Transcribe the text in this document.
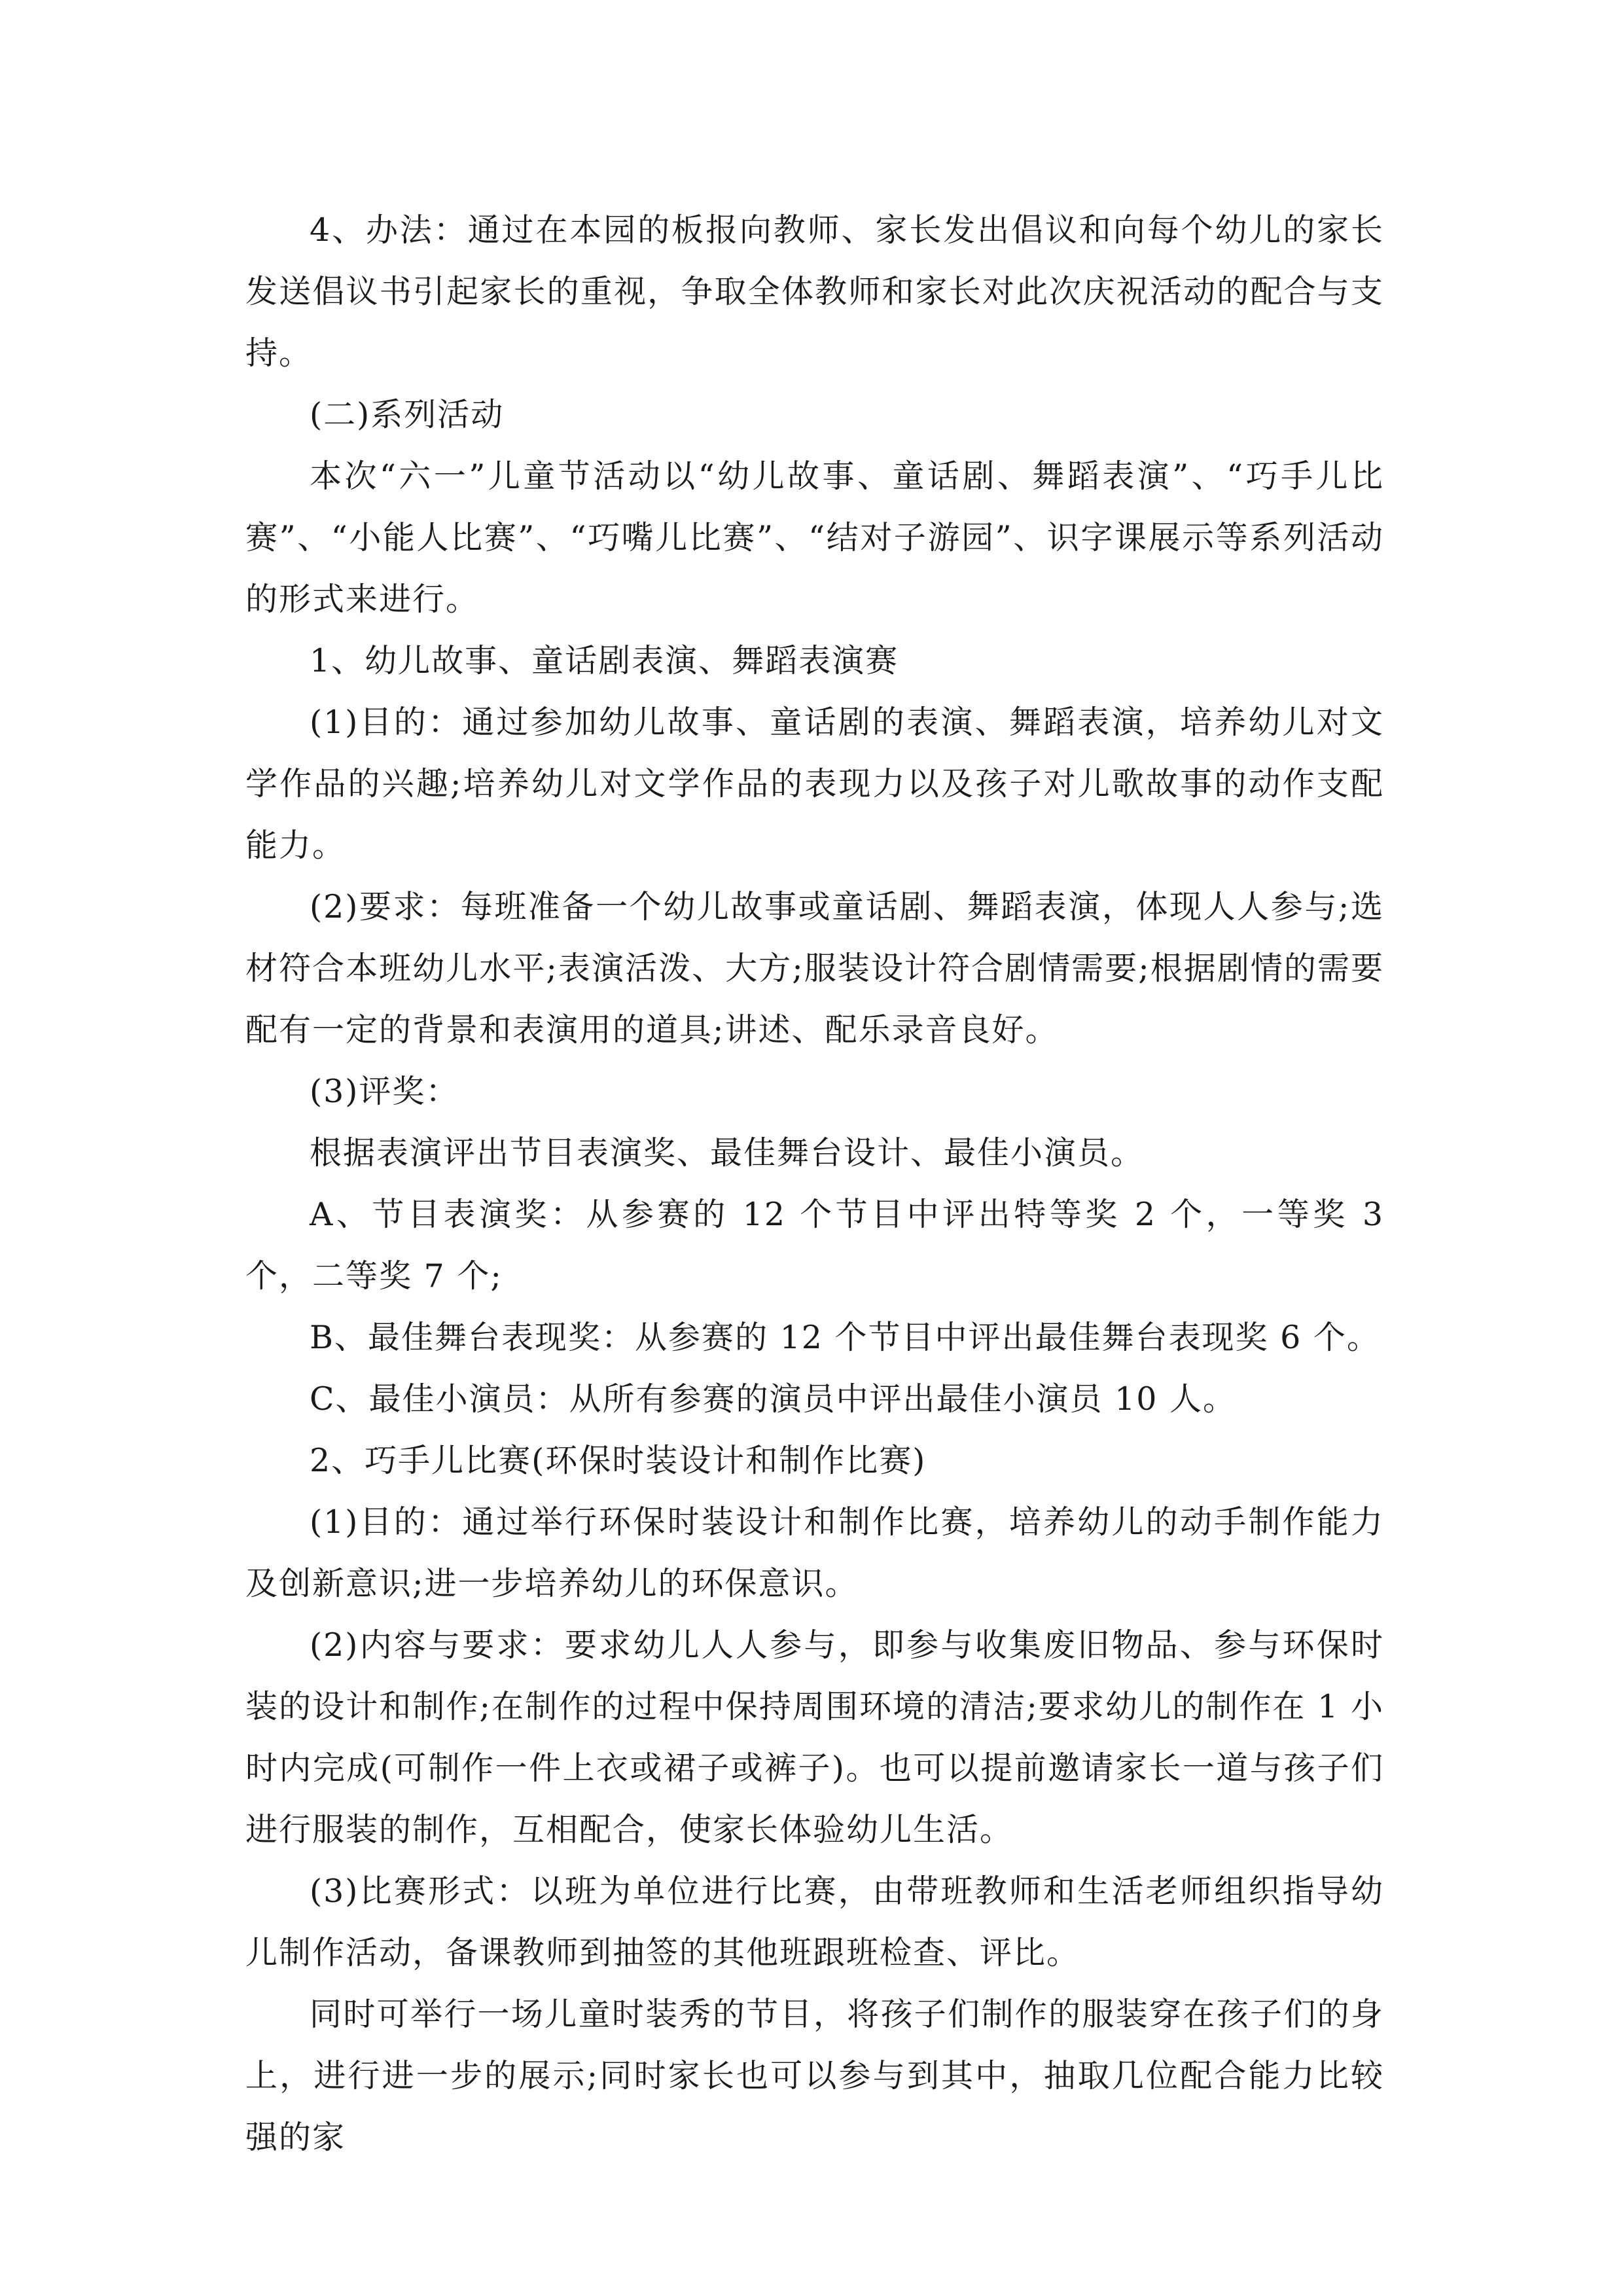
4、办法：通过在本园的板报向教师、家长发出倡议和向每个幼儿的家长发送倡议书引起家长的重视，争取全体教师和家长对此次庆祝活动的配合与支持。

(二)系列活动

本次“六一”儿童节活动以“幼儿故事、童话剧、舞蹈表演”、“巧手儿比赛”、“小能人比赛”、“巧嘴儿比赛”、“结对子游园”、识字课展示等系列活动的形式来进行。

1、幼儿故事、童话剧表演、舞蹈表演赛

(1)目的：通过参加幼儿故事、童话剧的表演、舞蹈表演，培养幼儿对文学作品的兴趣;培养幼儿对文学作品的表现力以及孩子对儿歌故事的动作支配能力。

(2)要求：每班准备一个幼儿故事或童话剧、舞蹈表演，体现人人参与;选材符合本班幼儿水平;表演活泼、大方;服装设计符合剧情需要;根据剧情的需要配有一定的背景和表演用的道具;讲述、配乐录音良好。

(3)评奖：

根据表演评出节目表演奖、最佳舞台设计、最佳小演员。

A、节目表演奖：从参赛的 12 个节目中评出特等奖 2 个，一等奖 3 个，二等奖 7 个;

B、最佳舞台表现奖：从参赛的 12 个节目中评出最佳舞台表现奖 6 个。

C、最佳小演员：从所有参赛的演员中评出最佳小演员 10 人。

2、巧手儿比赛(环保时装设计和制作比赛)

(1)目的：通过举行环保时装设计和制作比赛，培养幼儿的动手制作能力及创新意识;进一步培养幼儿的环保意识。

(2)内容与要求：要求幼儿人人参与，即参与收集废旧物品、参与环保时装的设计和制作;在制作的过程中保持周围环境的清洁;要求幼儿的制作在 1 小时内完成(可制作一件上衣或裙子或裤子)。也可以提前邀请家长一道与孩子们进行服装的制作，互相配合，使家长体验幼儿生活。

(3)比赛形式：以班为单位进行比赛，由带班教师和生活老师组织指导幼儿制作活动，备课教师到抽签的其他班跟班检查、评比。

同时可举行一场儿童时装秀的节目，将孩子们制作的服装穿在孩子们的身上，进行进一步的展示;同时家长也可以参与到其中，抽取几位配合能力比较强的家
